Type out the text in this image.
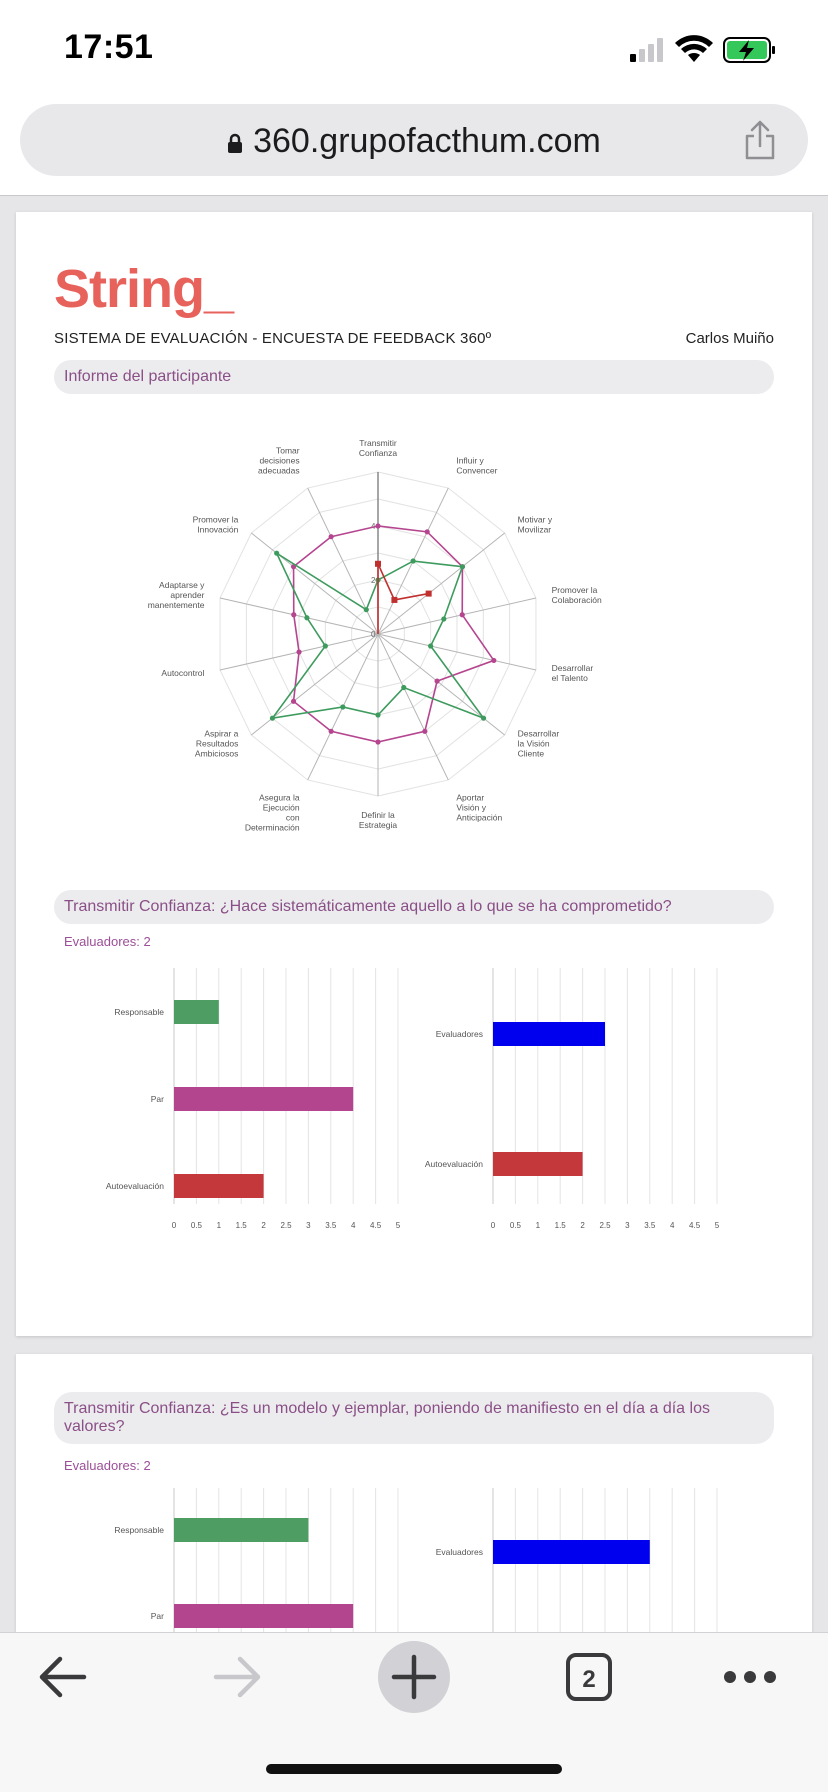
17:51
360.grupofacthum.com
String_
SISTEMA DE EVALUACIÓN - ENCUESTA DE FEEDBACK 360º	Carlos Muiño
Informe del participante
2
4
0
Transmitir Confianza
Influir y Convencer
Motivar y Movilizar
Promover la Colaboración
Desarrollar el Talento
Desarrollar la Visión Cliente
Aportar Visión y Anticipación
Definir la Estrategia
Asegura la Ejecución con Determinación
Aspirar a Resultados Ambiciosos
Autocontrol
Adaptarse y aprender manentemente
Promover la Innovación
Tomar decisiones adecuadas
Transmitir Confianza: ¿Hace sistemáticamente aquello a lo que se ha comprometido?
Evaluadores: 2
0 0.5 1 1.5 2 2.5 3 3.5 4 4.5 5
Responsable
Par
Autoevaluación
0 0.5 1 1.5 2 2.5 3 3.5 4 4.5 5
Evaluadores
Autoevaluación
Transmitir Confianza: ¿Es un modelo y ejemplar, poniendo de manifiesto en el día a día los valores?
Evaluadores: 2
Responsable
Par
Evaluadores
2
